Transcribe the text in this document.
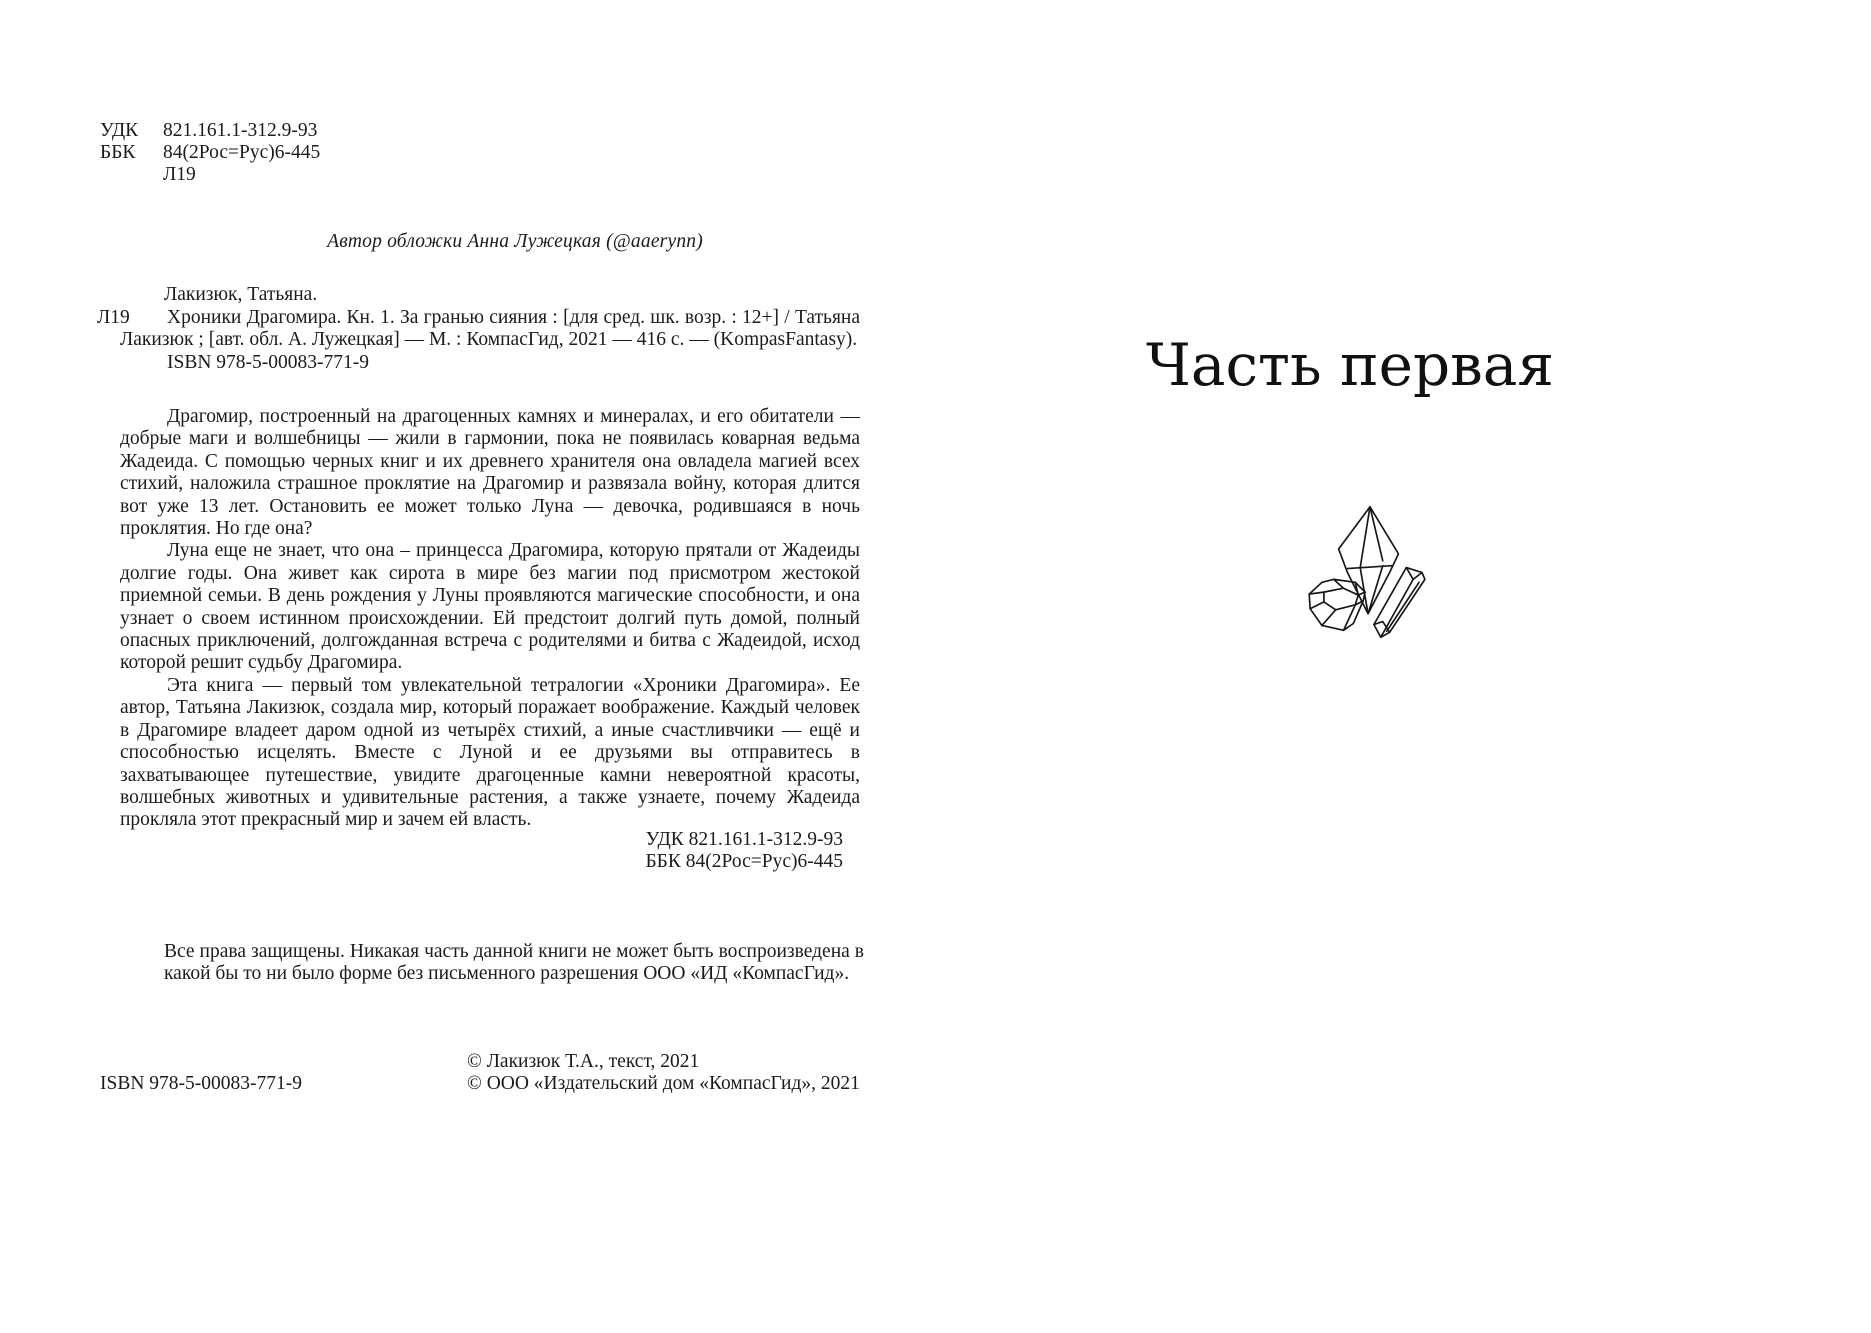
УДК 821.161.1-312.9-93
ББК 84(2Рос=Рус)6-445
Л19
Автор обложки Анна Лужецкая (@aaerynn)
Лакизюк, Татьяна.
Л19	Хроники Драгомира. Кн. 1. За гранью сияния : [для сред. шк. возр. : 12+] / Татьяна Лакизюк ; [авт. обл. А. Лужецкая] — М. : КомпасГид, 2021 — 416 с. — (KompasFantasy).

ISBN 978-5-00083-771-9

Драгомир, построенный на драгоценных камнях и минералах, и его обитатели — добрые маги и волшебницы — жили в гармонии, пока не появилась коварная ведьма Жадеида. С помощью черных книг и их древнего хранителя она овладела магией всех стихий, наложила страшное проклятие на Драгомир и развязала войну, которая длится вот уже 13 лет. Остановить ее может только Луна — девочка, родившаяся в ночь проклятия. Но где она?

Луна еще не знает, что она – принцесса Драгомира, которую прятали от Жадеиды долгие годы. Она живет как сирота в мире без магии под присмотром жестокой приемной семьи. В день рождения у Луны проявляются магические способности, и она узнает о своем истинном происхождении. Ей предстоит долгий путь домой, полный опасных приключений, долгожданная встреча с родителями и битва с Жадеидой, исход которой решит судьбу Драгомира.

Эта книга — первый том увлекательной тетралогии «Хроники Драгомира». Ее автор, Татьяна Лакизюк, создала мир, который поражает воображение. Каждый человек в Драгомире владеет даром одной из четырёх стихий, а иные счастливчики — ещё и способностью исцелять. Вместе с Луной и ее друзьями вы отправитесь в захватывающее путешествие, увидите драгоценные камни невероятной красоты, волшебных животных и удивительные растения, а также узнаете, почему Жадеида прокляла этот прекрасный мир и зачем ей власть.

УДК 821.161.1-312.9-93
ББК 84(2Рос=Рус)6-445
Все права защищены. Никакая часть данной книги не может быть воспроизведена в какой бы то ни было форме без письменного разрешения ООО «ИД «КомпасГид».
ISBN 978-5-00083-771-9
© Лакизюк Т.А., текст, 2021
© ООО «Издательский дом «КомпасГид», 2021
Часть первая
